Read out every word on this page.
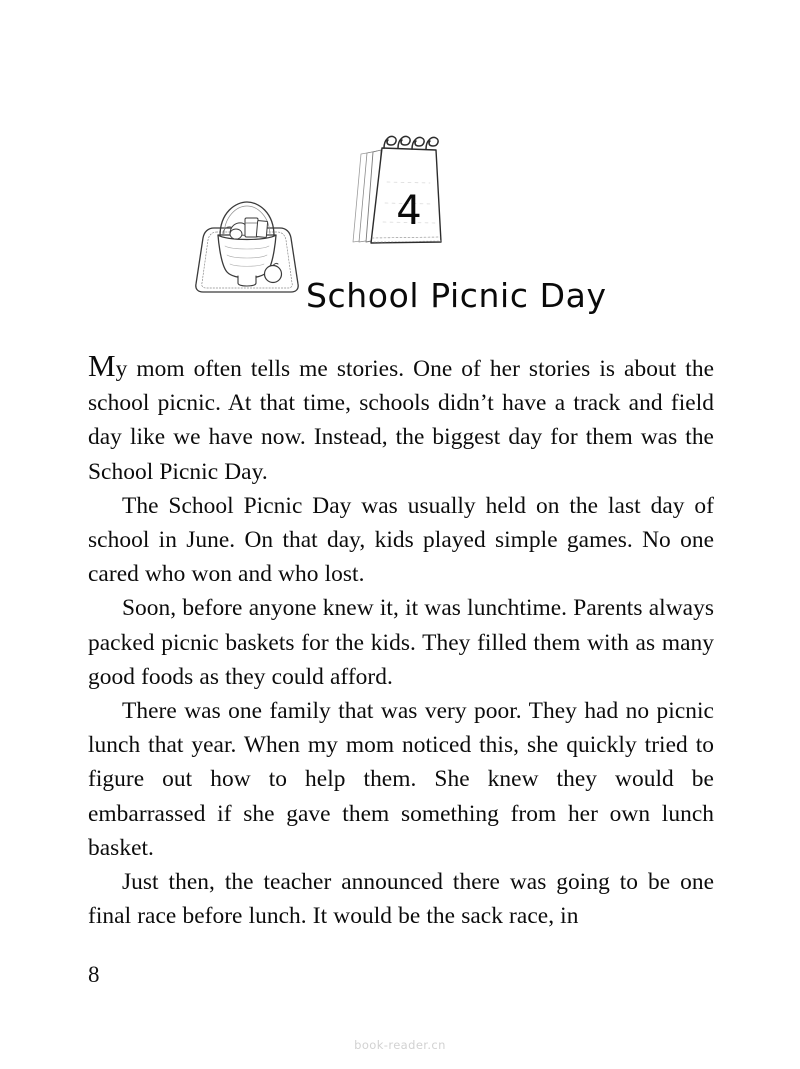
4
School Picnic Day

My mom often tells me stories. One of her stories is about the school picnic. At that time, schools didn’t have a track and field day like we have now. Instead, the biggest day for them was the School Picnic Day.

The School Picnic Day was usually held on the last day of school in June. On that day, kids played simple games. No one cared who won and who lost.

Soon, before anyone knew it, it was lunchtime. Parents always packed picnic baskets for the kids. They filled them with as many good foods as they could afford.

There was one family that was very poor. They had no picnic lunch that year. When my mom noticed this, she quickly tried to figure out how to help them. She knew they would be embarrassed if she gave them something from her own lunch basket.

Just then, the teacher announced there was going to be one final race before lunch. It would be the sack race, in

8
book-reader.cn
